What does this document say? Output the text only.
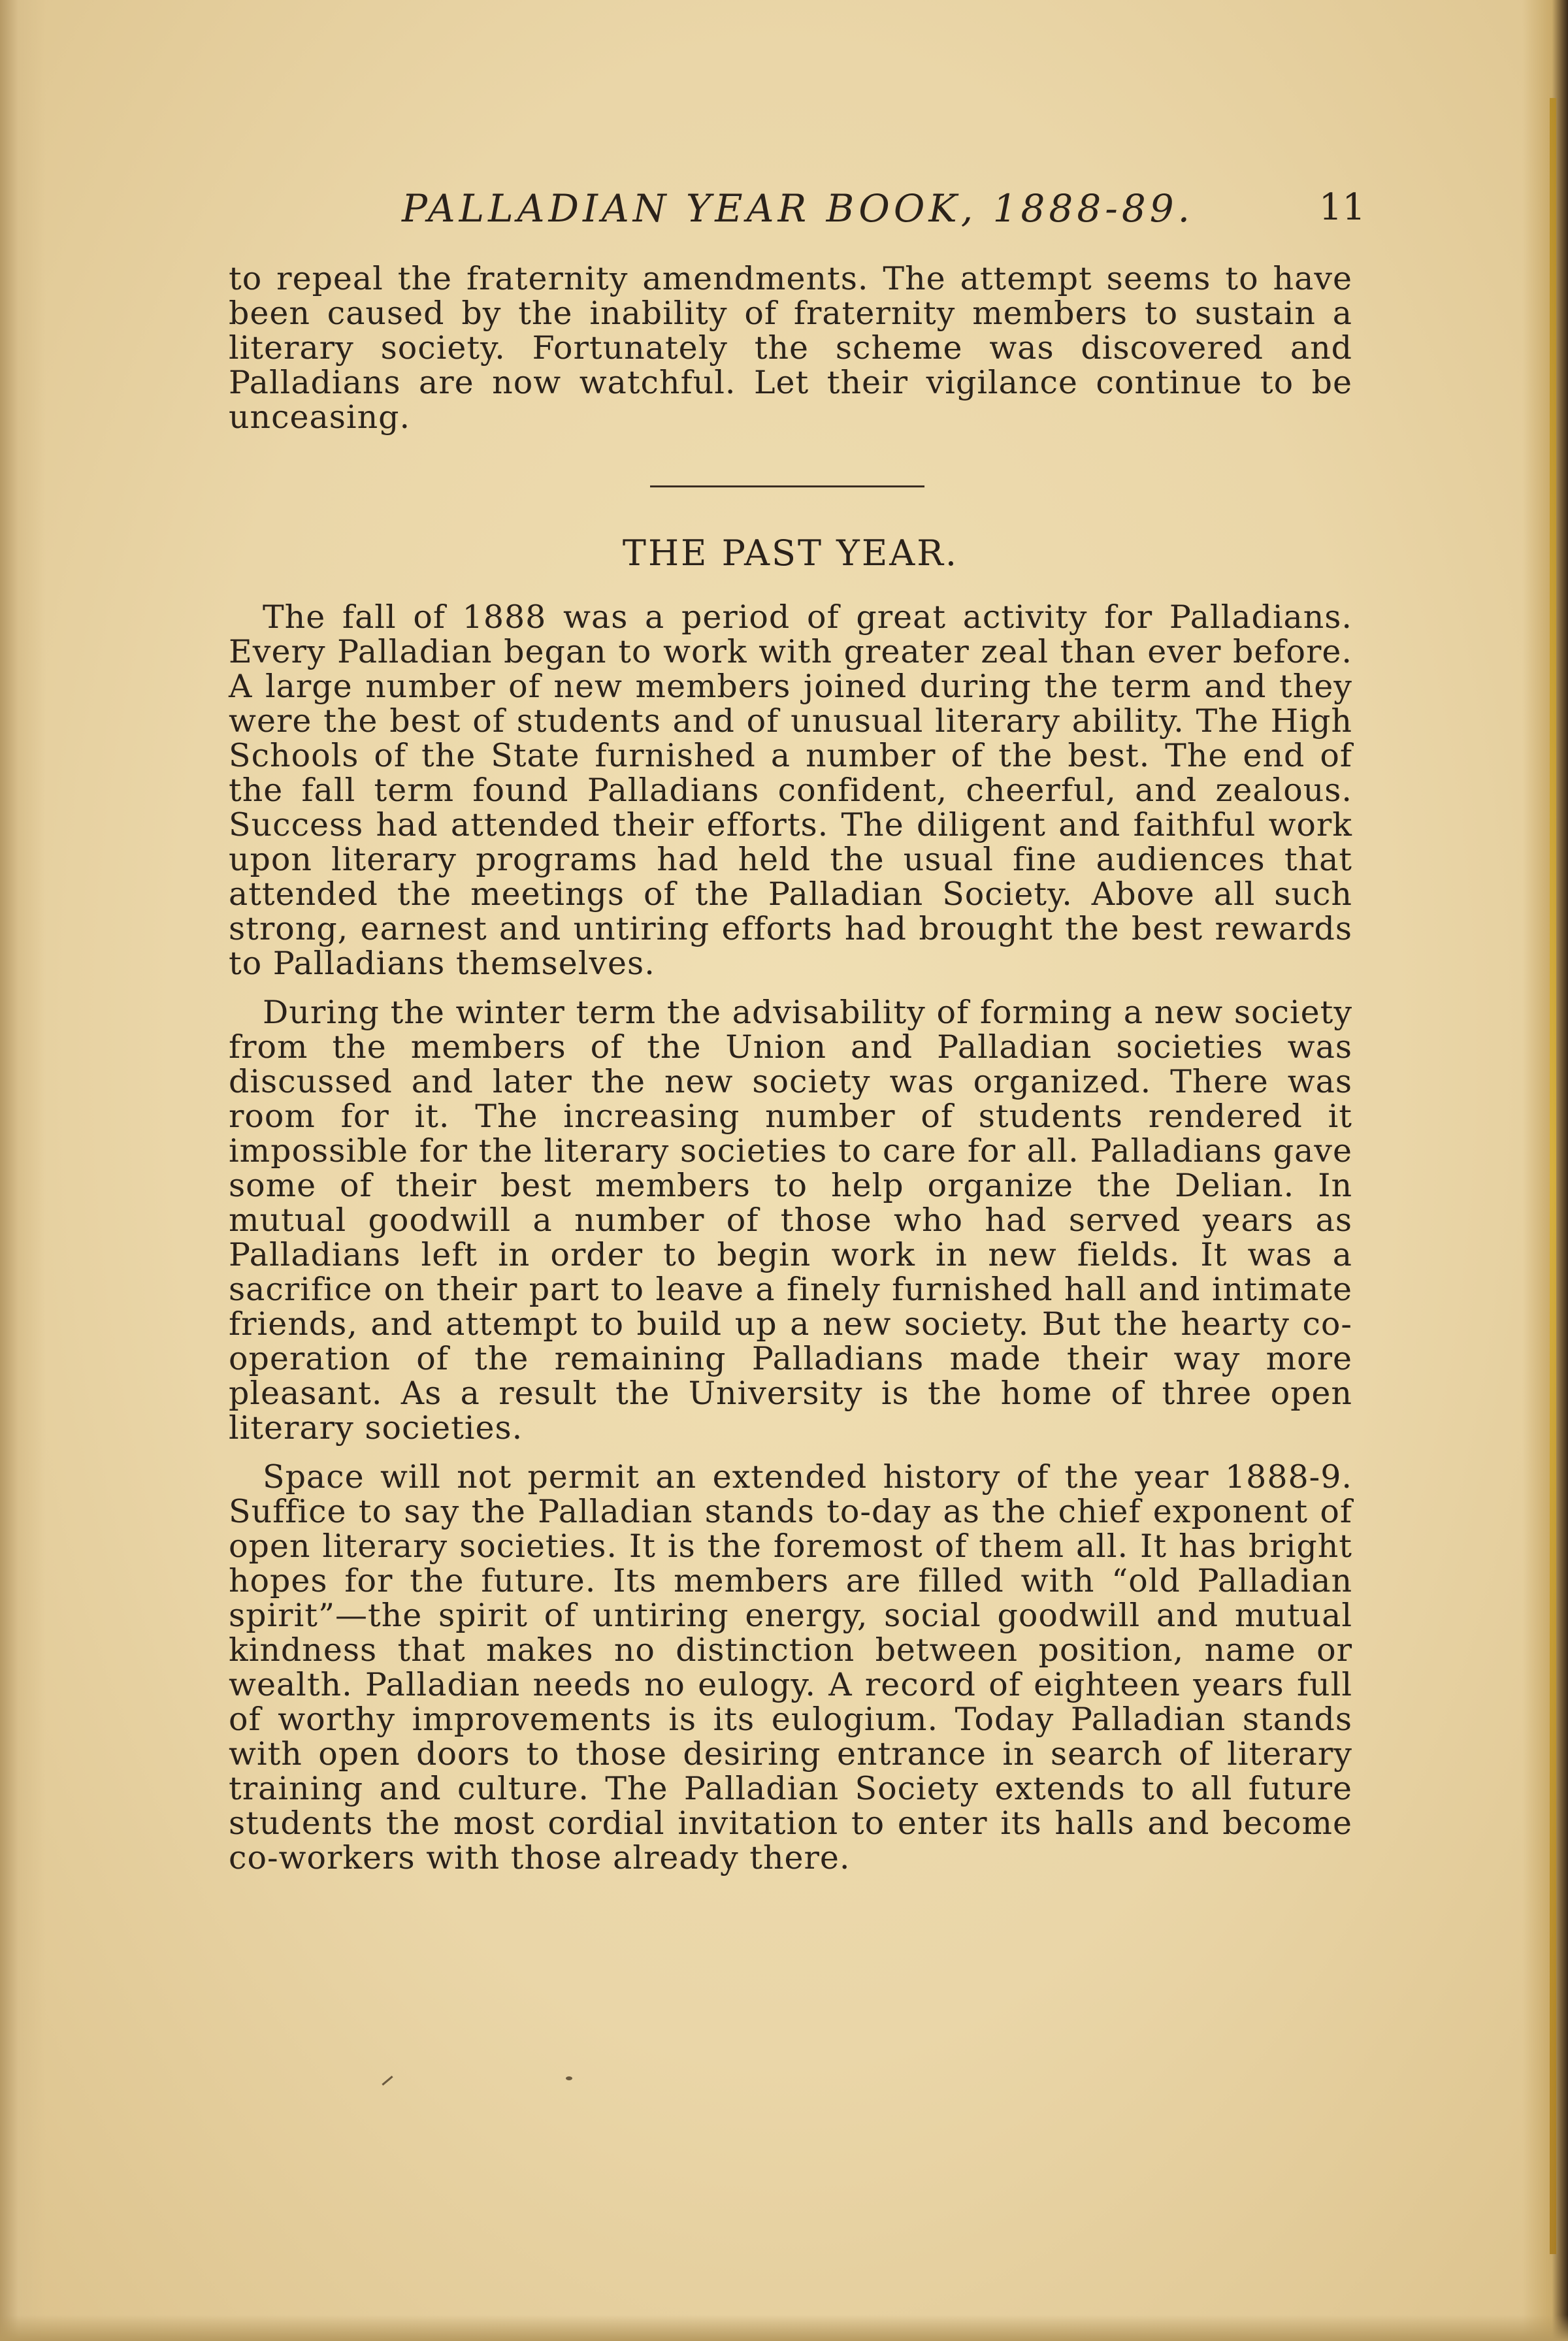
PALLADIAN YEAR BOOK, 1888-89.	11

to repeal the fraternity amendments. The attempt seems to have been caused by the inability of fraternity members to sustain a literary society. Fortunately the scheme was discovered and Palladians are now watchful. Let their vigilance continue to be unceasing.

THE PAST YEAR.

The fall of 1888 was a period of great activity for Palladians. Every Palladian began to work with greater zeal than ever before. A large number of new members joined during the term and they were the best of students and of unusual literary ability. The High Schools of the State furnished a number of the best. The end of the fall term found Palladians confident, cheerful, and zealous. Success had attended their efforts. The diligent and faithful work upon literary programs had held the usual fine audiences that attended the meetings of the Palladian Society. Above all such strong, earnest and untiring efforts had brought the best rewards to Palladians themselves.

During the winter term the advisability of forming a new society from the members of the Union and Palladian societies was discussed and later the new society was organized. There was room for it. The increasing number of students rendered it impossible for the literary societies to care for all. Palladians gave some of their best members to help organize the Delian. In mutual goodwill a number of those who had served years as Palladians left in order to begin work in new fields. It was a sacrifice on their part to leave a finely furnished hall and intimate friends, and attempt to build up a new society. But the hearty co-operation of the remaining Palladians made their way more pleasant. As a result the University is the home of three open literary societies.

Space will not permit an extended history of the year 1888-9. Suffice to say the Palladian stands to-day as the chief exponent of open literary societies. It is the foremost of them all. It has bright hopes for the future. Its members are filled with “old Palladian spirit”—the spirit of untiring energy, social goodwill and mutual kindness that makes no distinction between position, name or wealth. Palladian needs no eulogy. A record of eighteen years full of worthy improvements is its eulogium. Today Palladian stands with open doors to those desiring entrance in search of literary training and culture. The Palladian Society extends to all future students the most cordial invitation to enter its halls and become co-workers with those already there.
